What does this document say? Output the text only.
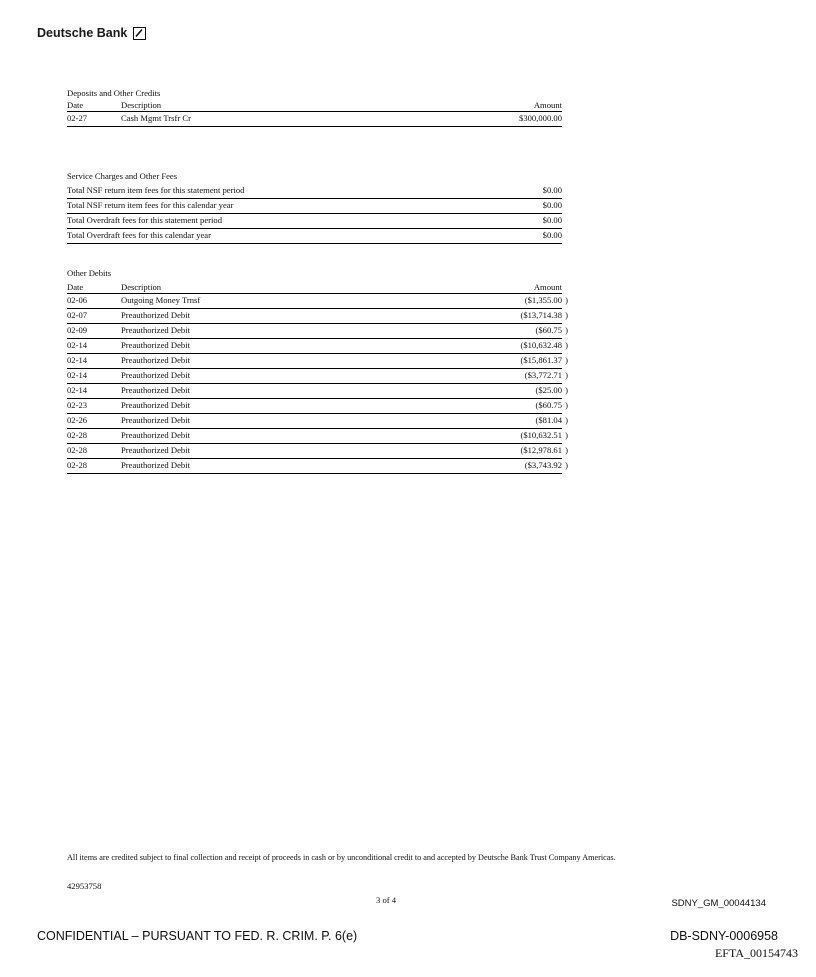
Deutsche Bank
Deposits and Other Credits
Date	Description	Amount
02-27	Cash Mgmt Trsfr Cr	$300,000.00
Service Charges and Other Fees
Total NSF return item fees for this statement period	$0.00
Total NSF return item fees for this calendar year	$0.00
Total Overdraft fees for this statement period	$0.00
Total Overdraft fees for this calendar year	$0.00
Other Debits
Date	Description	Amount
02-06	Outgoing Money Trnsf	($1,355.00 )
02-07	Preauthorized Debit	($13,714.38 )
02-09	Preauthorized Debit	($60.75 )
02-14	Preauthorized Debit	($10,632.48 )
02-14	Preauthorized Debit	($15,861.37 )
02-14	Preauthorized Debit	($3,772.71 )
02-14	Preauthorized Debit	($25.00 )
02-23	Preauthorized Debit	($60.75 )
02-26	Preauthorized Debit	($81.04 )
02-28	Preauthorized Debit	($10,632.51 )
02-28	Preauthorized Debit	($12,978.61 )
02-28	Preauthorized Debit	($3,743.92 )
All items are credited subject to final collection and receipt of proceeds in cash or by unconditional credit to and accepted by Deutsche Bank Trust Company Americas.
42953758
3 of 4	SDNY_GM_00044134
CONFIDENTIAL – PURSUANT TO FED. R. CRIM. P. 6(e)	DB-SDNY-0006958
EFTA_00154743
